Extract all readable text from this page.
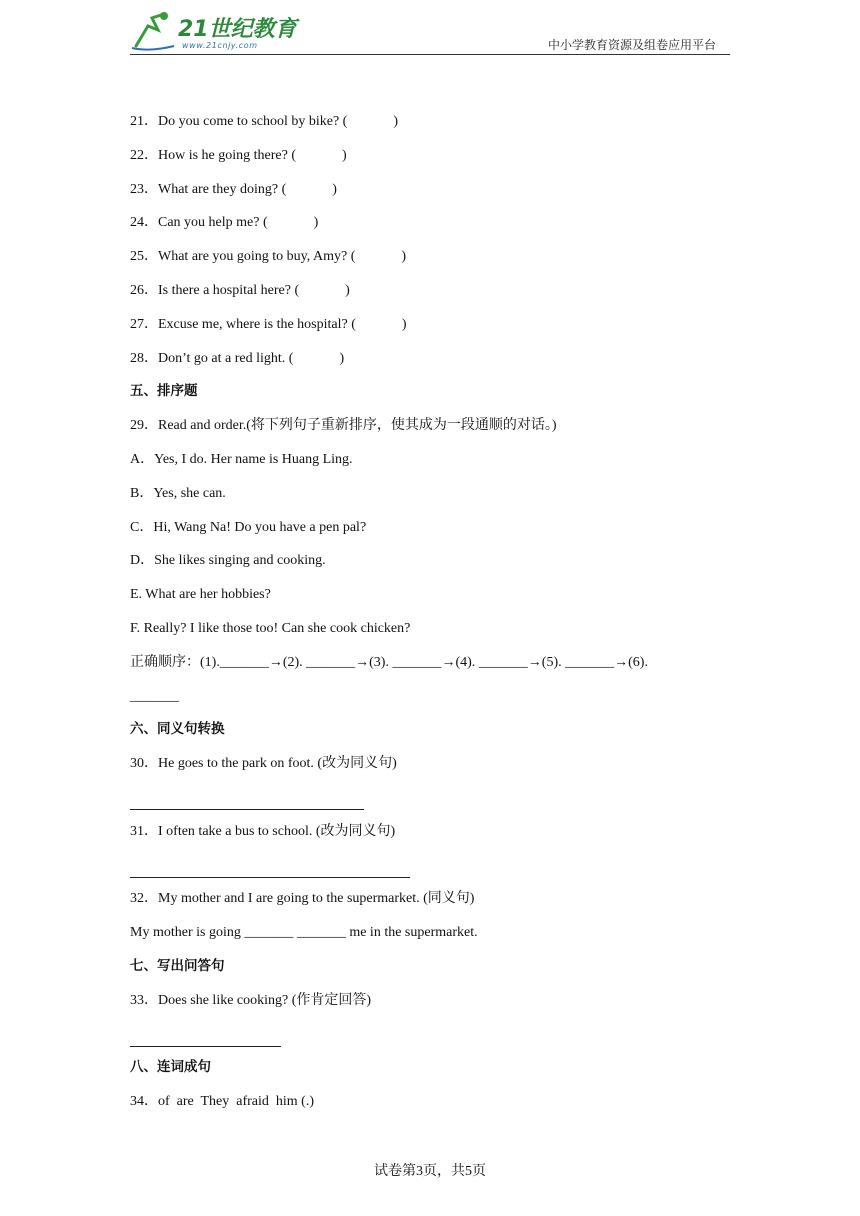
21世纪教育
www.21cnjy.com	中小学教育资源及组卷应用平台
21．Do you come to school by bike? (	)
22．How is he going there? (	)
23．What are they doing? (	)
24．Can you help me? (	)
25．What are you going to buy, Amy? (	)
26．Is there a hospital here? (	)
27．Excuse me, where is the hospital? (	)
28．Don’t go at a red light. (	)
五、排序题
29．Read and order.(将下列句子重新排序，使其成为一段通顺的对话。)
A．Yes, I do. Her name is Huang Ling.
B．Yes, she can.
C．Hi, Wang Na! Do you have a pen pal?
D．She likes singing and cooking.
E. What are her hobbies?
F. Really? I like those too! Can she cook chicken?
正确顺序：(1)._______→(2). _______→(3). _______→(4). _______→(5). _______→(6).
_______
六、同义句转换
30．He goes to the park on foot. (改为同义句)
31．I often take a bus to school. (改为同义句)
32．My mother and I are going to the supermarket. (同义句)
My mother is going _______ _______ me in the supermarket.
七、写出问答句
33．Does she like cooking? (作肯定回答)
八、连词成句
34．of  are  They  afraid  him (.)
试卷第3页，共5页
